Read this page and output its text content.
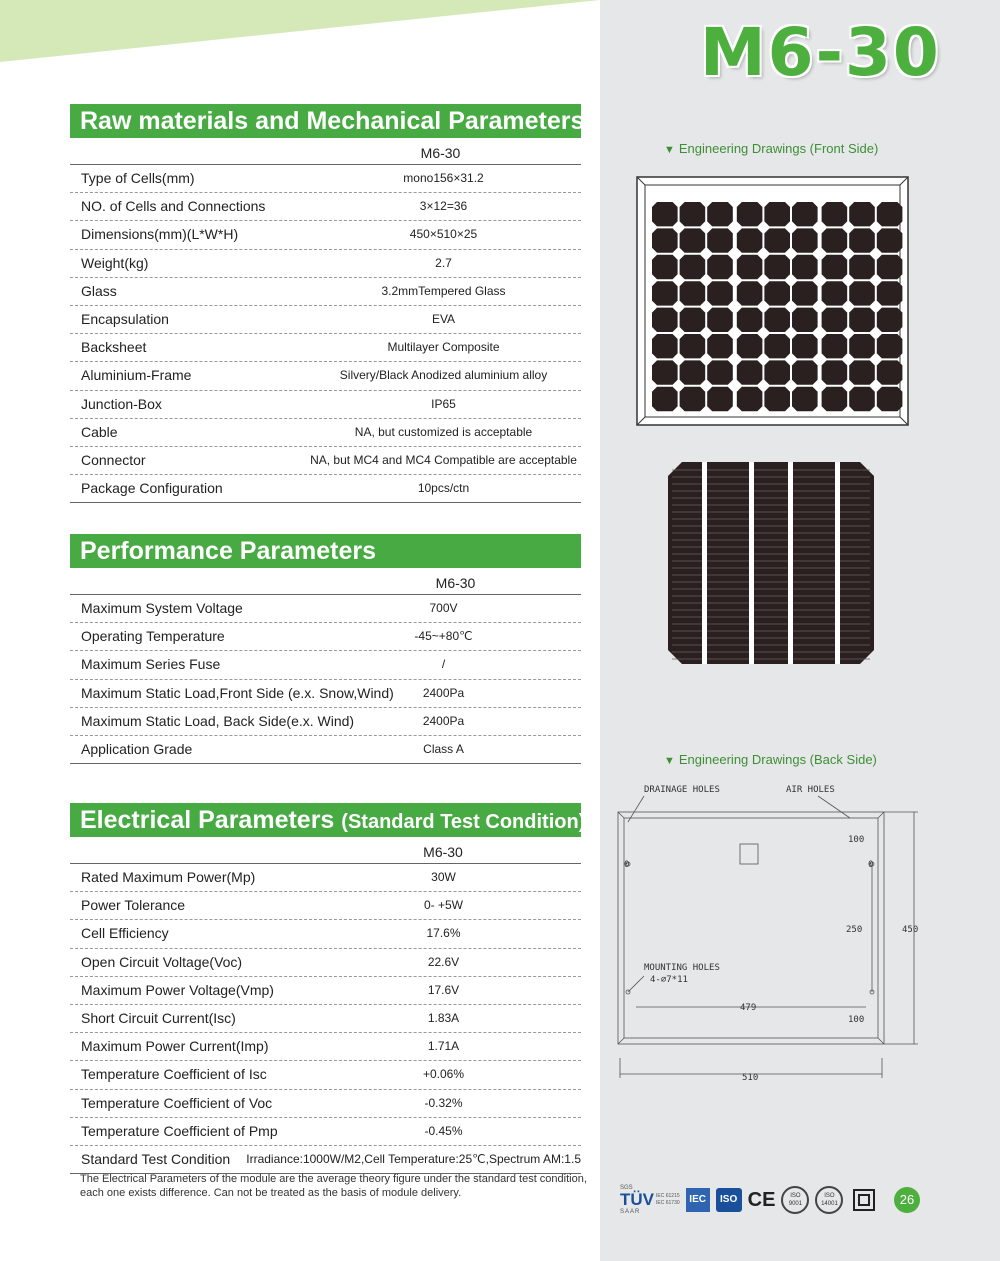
M6-30
Raw materials and Mechanical Parameters
M6-30
Type of Cells(mm)	mono156×31.2
NO. of Cells and Connections	3×12=36
Dimensions(mm)(L*W*H)	450×510×25
Weight(kg)	2.7
Glass	3.2mmTempered Glass
Encapsulation	EVA
Backsheet	Multilayer Composite
Aluminium-Frame	Silvery/Black Anodized aluminium alloy
Junction-Box	IP65
Cable	NA, but customized is acceptable
Connector	NA, but MC4 and MC4 Compatible are acceptable
Package Configuration	10pcs/ctn
Performance Parameters
M6-30
Maximum System Voltage	700V
Operating Temperature	-45~+80℃
Maximum Series Fuse	/
Maximum Static Load,Front Side (e.x. Snow,Wind)	2400Pa
Maximum Static Load, Back Side(e.x. Wind)	2400Pa
Application Grade	Class A
Electrical Parameters (Standard Test Condition)
M6-30
Rated Maximum Power(Mp)	30W
Power Tolerance	0- +5W
Cell Efficiency	17.6%
Open Circuit Voltage(Voc)	22.6V
Maximum Power Voltage(Vmp)	17.6V
Short Circuit Current(Isc)	1.83A
Maximum Power Current(Imp)	1.71A
Temperature Coefficient of Isc	+0.06%
Temperature Coefficient of Voc	-0.32%
Temperature Coefficient of Pmp	-0.45%
Standard Test Condition	Irradiance:1000W/M2,Cell Temperature:25℃,Spectrum AM:1.5
The Electrical Parameters of the module are the average theory figure under the standard test condition, each one exists difference. Can not be treated as the basis of module delivery.
▼ Engineering Drawings (Front Side)
▼ Engineering Drawings (Back Side)
DRAINAGE HOLES	AIR HOLES
100
0	0
250	450
MOUNTING HOLES
4-⌀7*11
479
100
510
SGS
TÜV
SAAR
IEC 61215
IEC 61730 IEC	ISO CE	ISO 9001
ISO 14001	26
